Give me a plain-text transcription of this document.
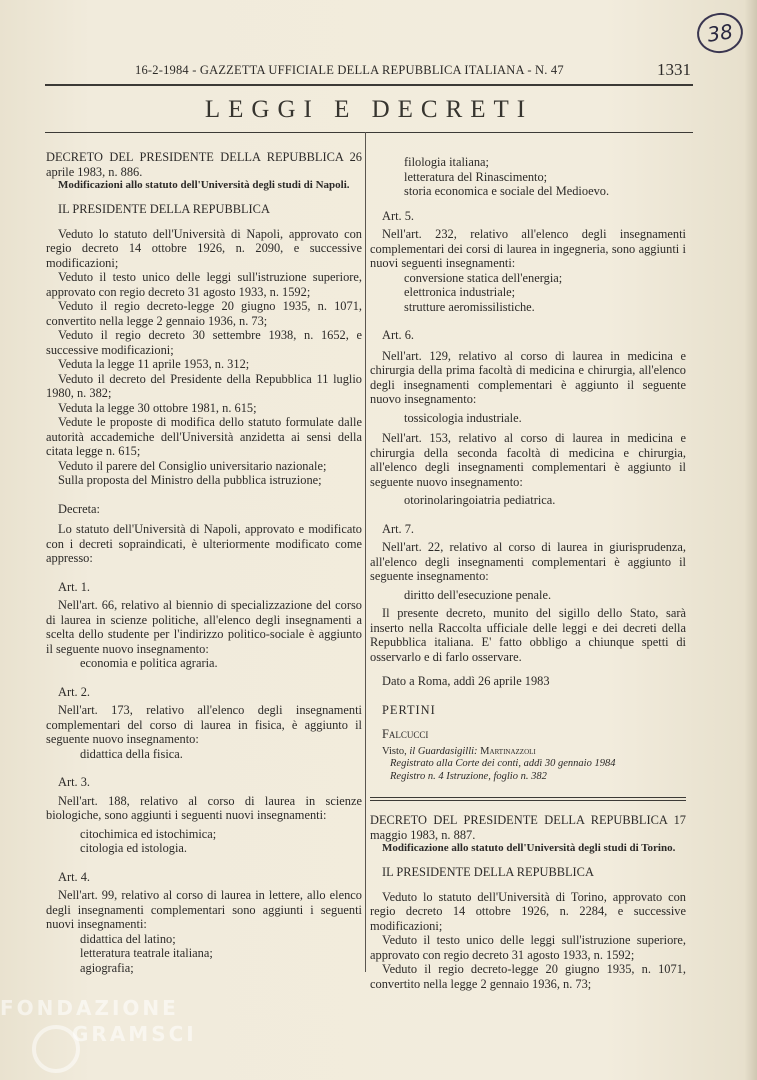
38
16-2-1984 - GAZZETTA UFFICIALE DELLA REPUBBLICA ITALIANA - N. 47	1331
LEGGI E DECRETI

DECRETO DEL PRESIDENTE DELLA REPUBBLICA 26 aprile 1983, n. 886.

Modificazioni allo statuto dell'Università degli studi di Napoli.

IL PRESIDENTE DELLA REPUBBLICA

Veduto lo statuto dell'Università di Napoli, approvato con regio decreto 14 ottobre 1926, n. 2090, e successive modificazioni;

Veduto il testo unico delle leggi sull'istruzione superiore, approvato con regio decreto 31 agosto 1933, n. 1592;

Veduto il regio decreto-legge 20 giugno 1935, n. 1071, convertito nella legge 2 gennaio 1936, n. 73;

Veduto il regio decreto 30 settembre 1938, n. 1652, e successive modificazioni;

Veduta la legge 11 aprile 1953, n. 312;

Veduto il decreto del Presidente della Repubblica 11 luglio 1980, n. 382;

Veduta la legge 30 ottobre 1981, n. 615;

Vedute le proposte di modifica dello statuto formulate dalle autorità accademiche dell'Università anzidetta ai sensi della citata legge n. 615;

Veduto il parere del Consiglio universitario nazionale;

Sulla proposta del Ministro della pubblica istruzione;

Decreta:

Lo statuto dell'Università di Napoli, approvato e modificato con i decreti sopraindicati, è ulteriormente modificato come appresso:

Art. 1.

Nell'art. 66, relativo al biennio di specializzazione del corso di laurea in scienze politiche, all'elenco degli insegnamenti a scelta dello studente per l'indirizzo politico-sociale è aggiunto il seguente nuovo insegnamento:

economia e politica agraria.

Art. 2.

Nell'art. 173, relativo all'elenco degli insegnamenti complementari del corso di laurea in fisica, è aggiunto il seguente nuovo insegnamento:

didattica della fisica.

Art. 3.

Nell'art. 188, relativo al corso di laurea in scienze biologiche, sono aggiunti i seguenti nuovi insegnamenti:

citochimica ed istochimica;

citologia ed istologia.

Art. 4.

Nell'art. 99, relativo al corso di laurea in lettere, allo elenco degli insegnamenti complementari sono aggiunti i seguenti nuovi insegnamenti:

didattica del latino;

letteratura teatrale italiana;

agiografia;

filologia italiana;

letteratura del Rinascimento;

storia economica e sociale del Medioevo.

Art. 5.

Nell'art. 232, relativo all'elenco degli insegnamenti complementari dei corsi di laurea in ingegneria, sono aggiunti i nuovi seguenti insegnamenti:

conversione statica dell'energia;

elettronica industriale;

strutture aeromissilistiche.

Art. 6.

Nell'art. 129, relativo al corso di laurea in medicina e chirurgia della prima facoltà di medicina e chirurgia, all'elenco degli insegnamenti complementari è aggiunto il seguente nuovo insegnamento:

tossicologia industriale.

Nell'art. 153, relativo al corso di laurea in medicina e chirurgia della seconda facoltà di medicina e chirurgia, all'elenco degli insegnamenti complementari è aggiunto il seguente nuovo insegnamento:

otorinolaringoiatria pediatrica.

Art. 7.

Nell'art. 22, relativo al corso di laurea in giurisprudenza, all'elenco degli insegnamenti complementari è aggiunto il seguente insegnamento:

diritto dell'esecuzione penale.

Il presente decreto, munito del sigillo dello Stato, sarà inserto nella Raccolta ufficiale delle leggi e dei decreti della Repubblica italiana. E' fatto obbligo a chiunque spetti di osservarlo e di farlo osservare.

Dato a Roma, addì 26 aprile 1983

PERTINI

Falcucci

Visto, il Guardasigilli: Martinazzoli

Registrato alla Corte dei conti, addì 30 gennaio 1984

Registro n. 4 Istruzione, foglio n. 382

DECRETO DEL PRESIDENTE DELLA REPUBBLICA 17 maggio 1983, n. 887.

Modificazione allo statuto dell'Università degli studi di Torino.

IL PRESIDENTE DELLA REPUBBLICA

Veduto lo statuto dell'Università di Torino, approvato con regio decreto 14 ottobre 1926, n. 2284, e successive modificazioni;

Veduto il testo unico delle leggi sull'istruzione superiore, approvato con regio decreto 31 agosto 1933, n. 1592;

Veduto il regio decreto-legge 20 giugno 1935, n. 1071, convertito nella legge 2 gennaio 1936, n. 73;

FONDAZIONE
GRAMSCI
